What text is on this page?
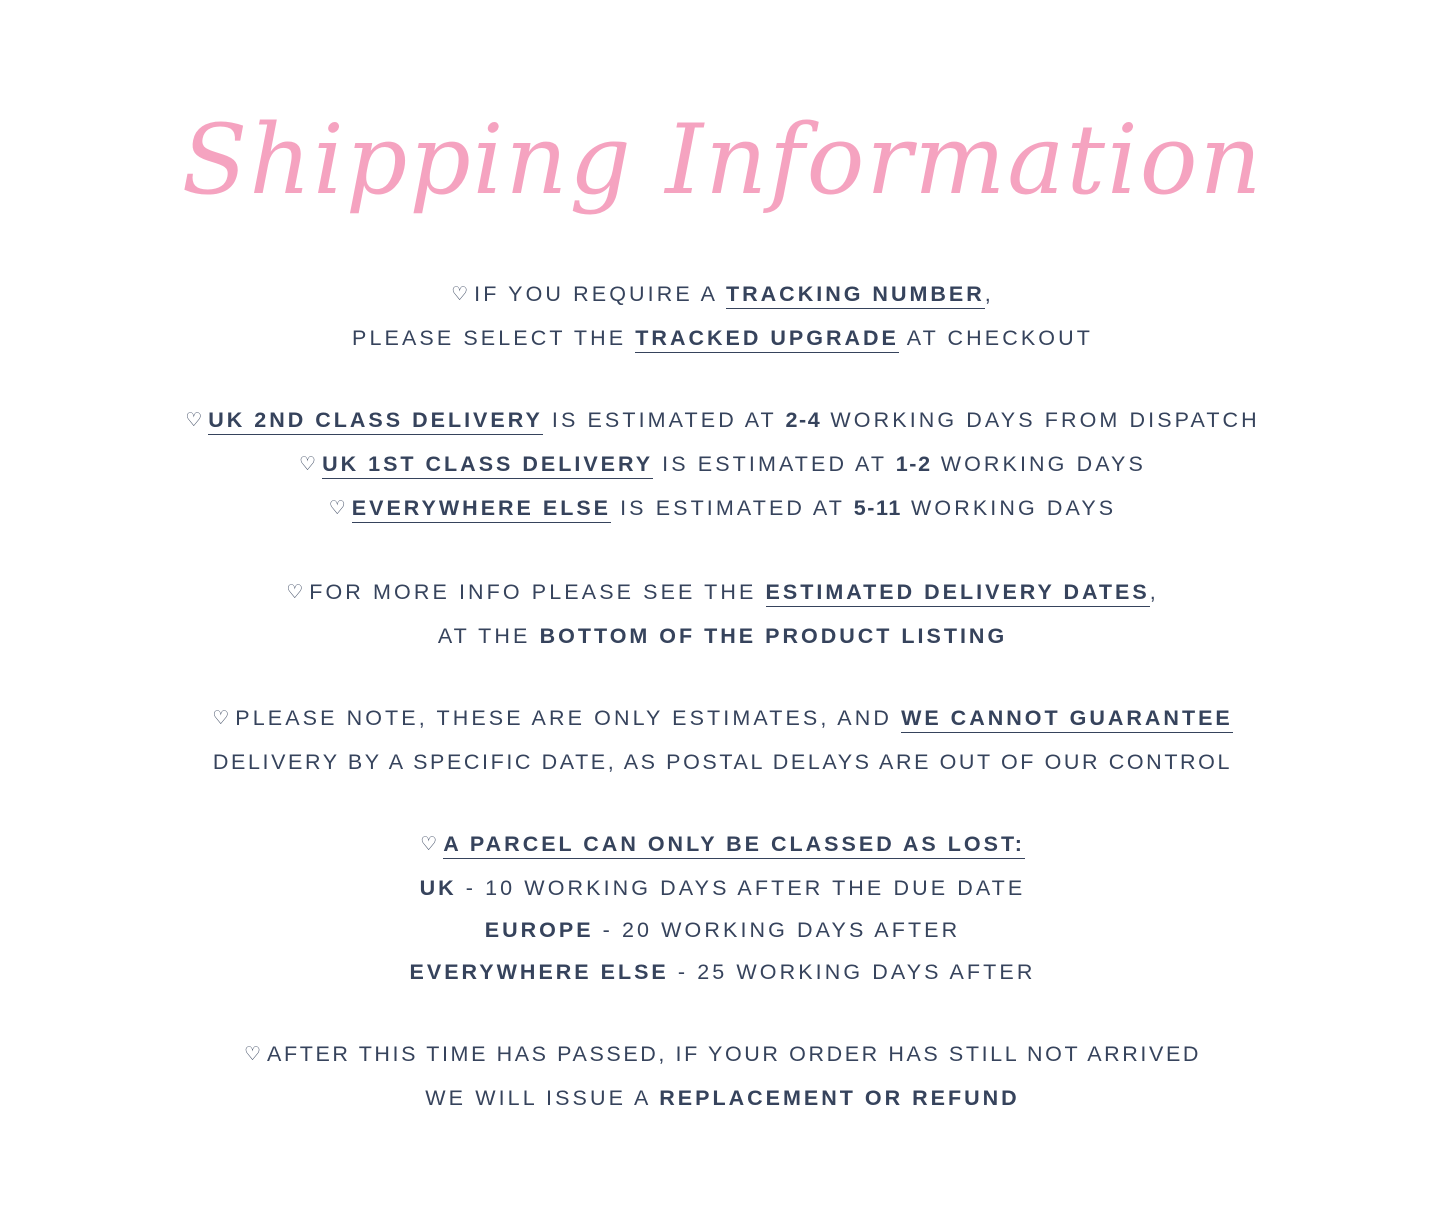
Shipping Information
♡ IF YOU REQUIRE A TRACKING NUMBER,
PLEASE SELECT THE TRACKED UPGRADE AT CHECKOUT
♡ UK 2ND CLASS DELIVERY IS ESTIMATED AT 2-4 WORKING DAYS FROM DISPATCH
♡ UK 1ST CLASS DELIVERY IS ESTIMATED AT 1-2 WORKING DAYS
♡ EVERYWHERE ELSE IS ESTIMATED AT 5-11 WORKING DAYS
♡ FOR MORE INFO PLEASE SEE THE ESTIMATED DELIVERY DATES,
AT THE BOTTOM OF THE PRODUCT LISTING
♡ PLEASE NOTE, THESE ARE ONLY ESTIMATES, AND WE CANNOT GUARANTEE
DELIVERY BY A SPECIFIC DATE, AS POSTAL DELAYS ARE OUT OF OUR CONTROL
♡ A PARCEL CAN ONLY BE CLASSED AS LOST:
UK - 10 WORKING DAYS AFTER THE DUE DATE
EUROPE - 20 WORKING DAYS AFTER
EVERYWHERE ELSE - 25 WORKING DAYS AFTER
♡ AFTER THIS TIME HAS PASSED, IF YOUR ORDER HAS STILL NOT ARRIVED
WE WILL ISSUE A REPLACEMENT OR REFUND
